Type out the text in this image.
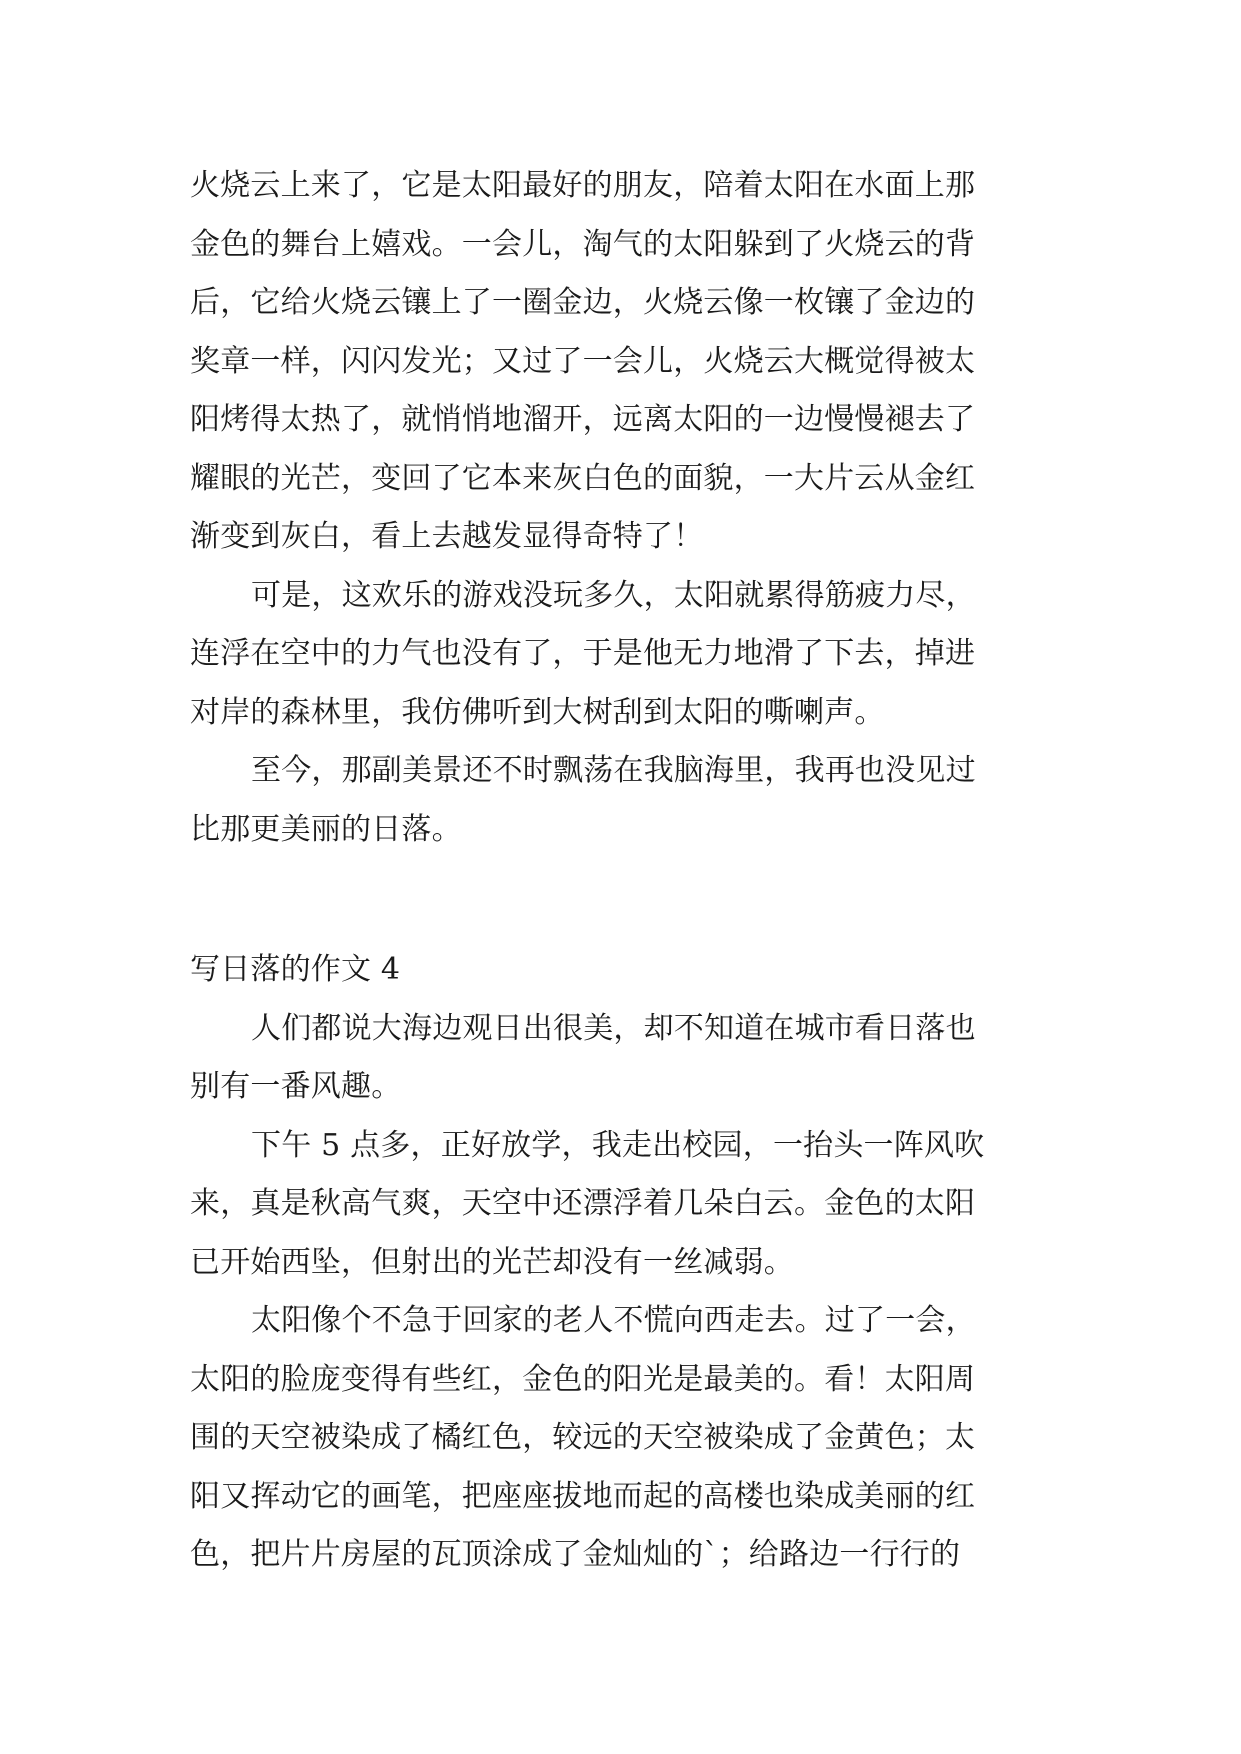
火烧云上来了，它是太阳最好的朋友，陪着太阳在水面上那
金色的舞台上嬉戏。一会儿，淘气的太阳躲到了火烧云的背
后，它给火烧云镶上了一圈金边，火烧云像一枚镶了金边的
奖章一样，闪闪发光；又过了一会儿，火烧云大概觉得被太
阳烤得太热了，就悄悄地溜开，远离太阳的一边慢慢褪去了
耀眼的光芒，变回了它本来灰白色的面貌，一大片云从金红
渐变到灰白，看上去越发显得奇特了！
可是，这欢乐的游戏没玩多久，太阳就累得筋疲力尽，
连浮在空中的力气也没有了，于是他无力地滑了下去，掉进
对岸的森林里，我仿佛听到大树刮到太阳的嘶喇声。
至今，那副美景还不时飘荡在我脑海里，我再也没见过
比那更美丽的日落。
写日落的作文 4
人们都说大海边观日出很美，却不知道在城市看日落也
别有一番风趣。
下午 5 点多，正好放学，我走出校园，一抬头一阵风吹
来，真是秋高气爽，天空中还漂浮着几朵白云。金色的太阳
已开始西坠，但射出的光芒却没有一丝减弱。
太阳像个不急于回家的老人不慌向西走去。过了一会，
太阳的脸庞变得有些红，金色的阳光是最美的。看！太阳周
围的天空被染成了橘红色，较远的天空被染成了金黄色；太
阳又挥动它的画笔，把座座拔地而起的高楼也染成美丽的红
色，把片片房屋的瓦顶涂成了金灿灿的`；给路边一行行的
